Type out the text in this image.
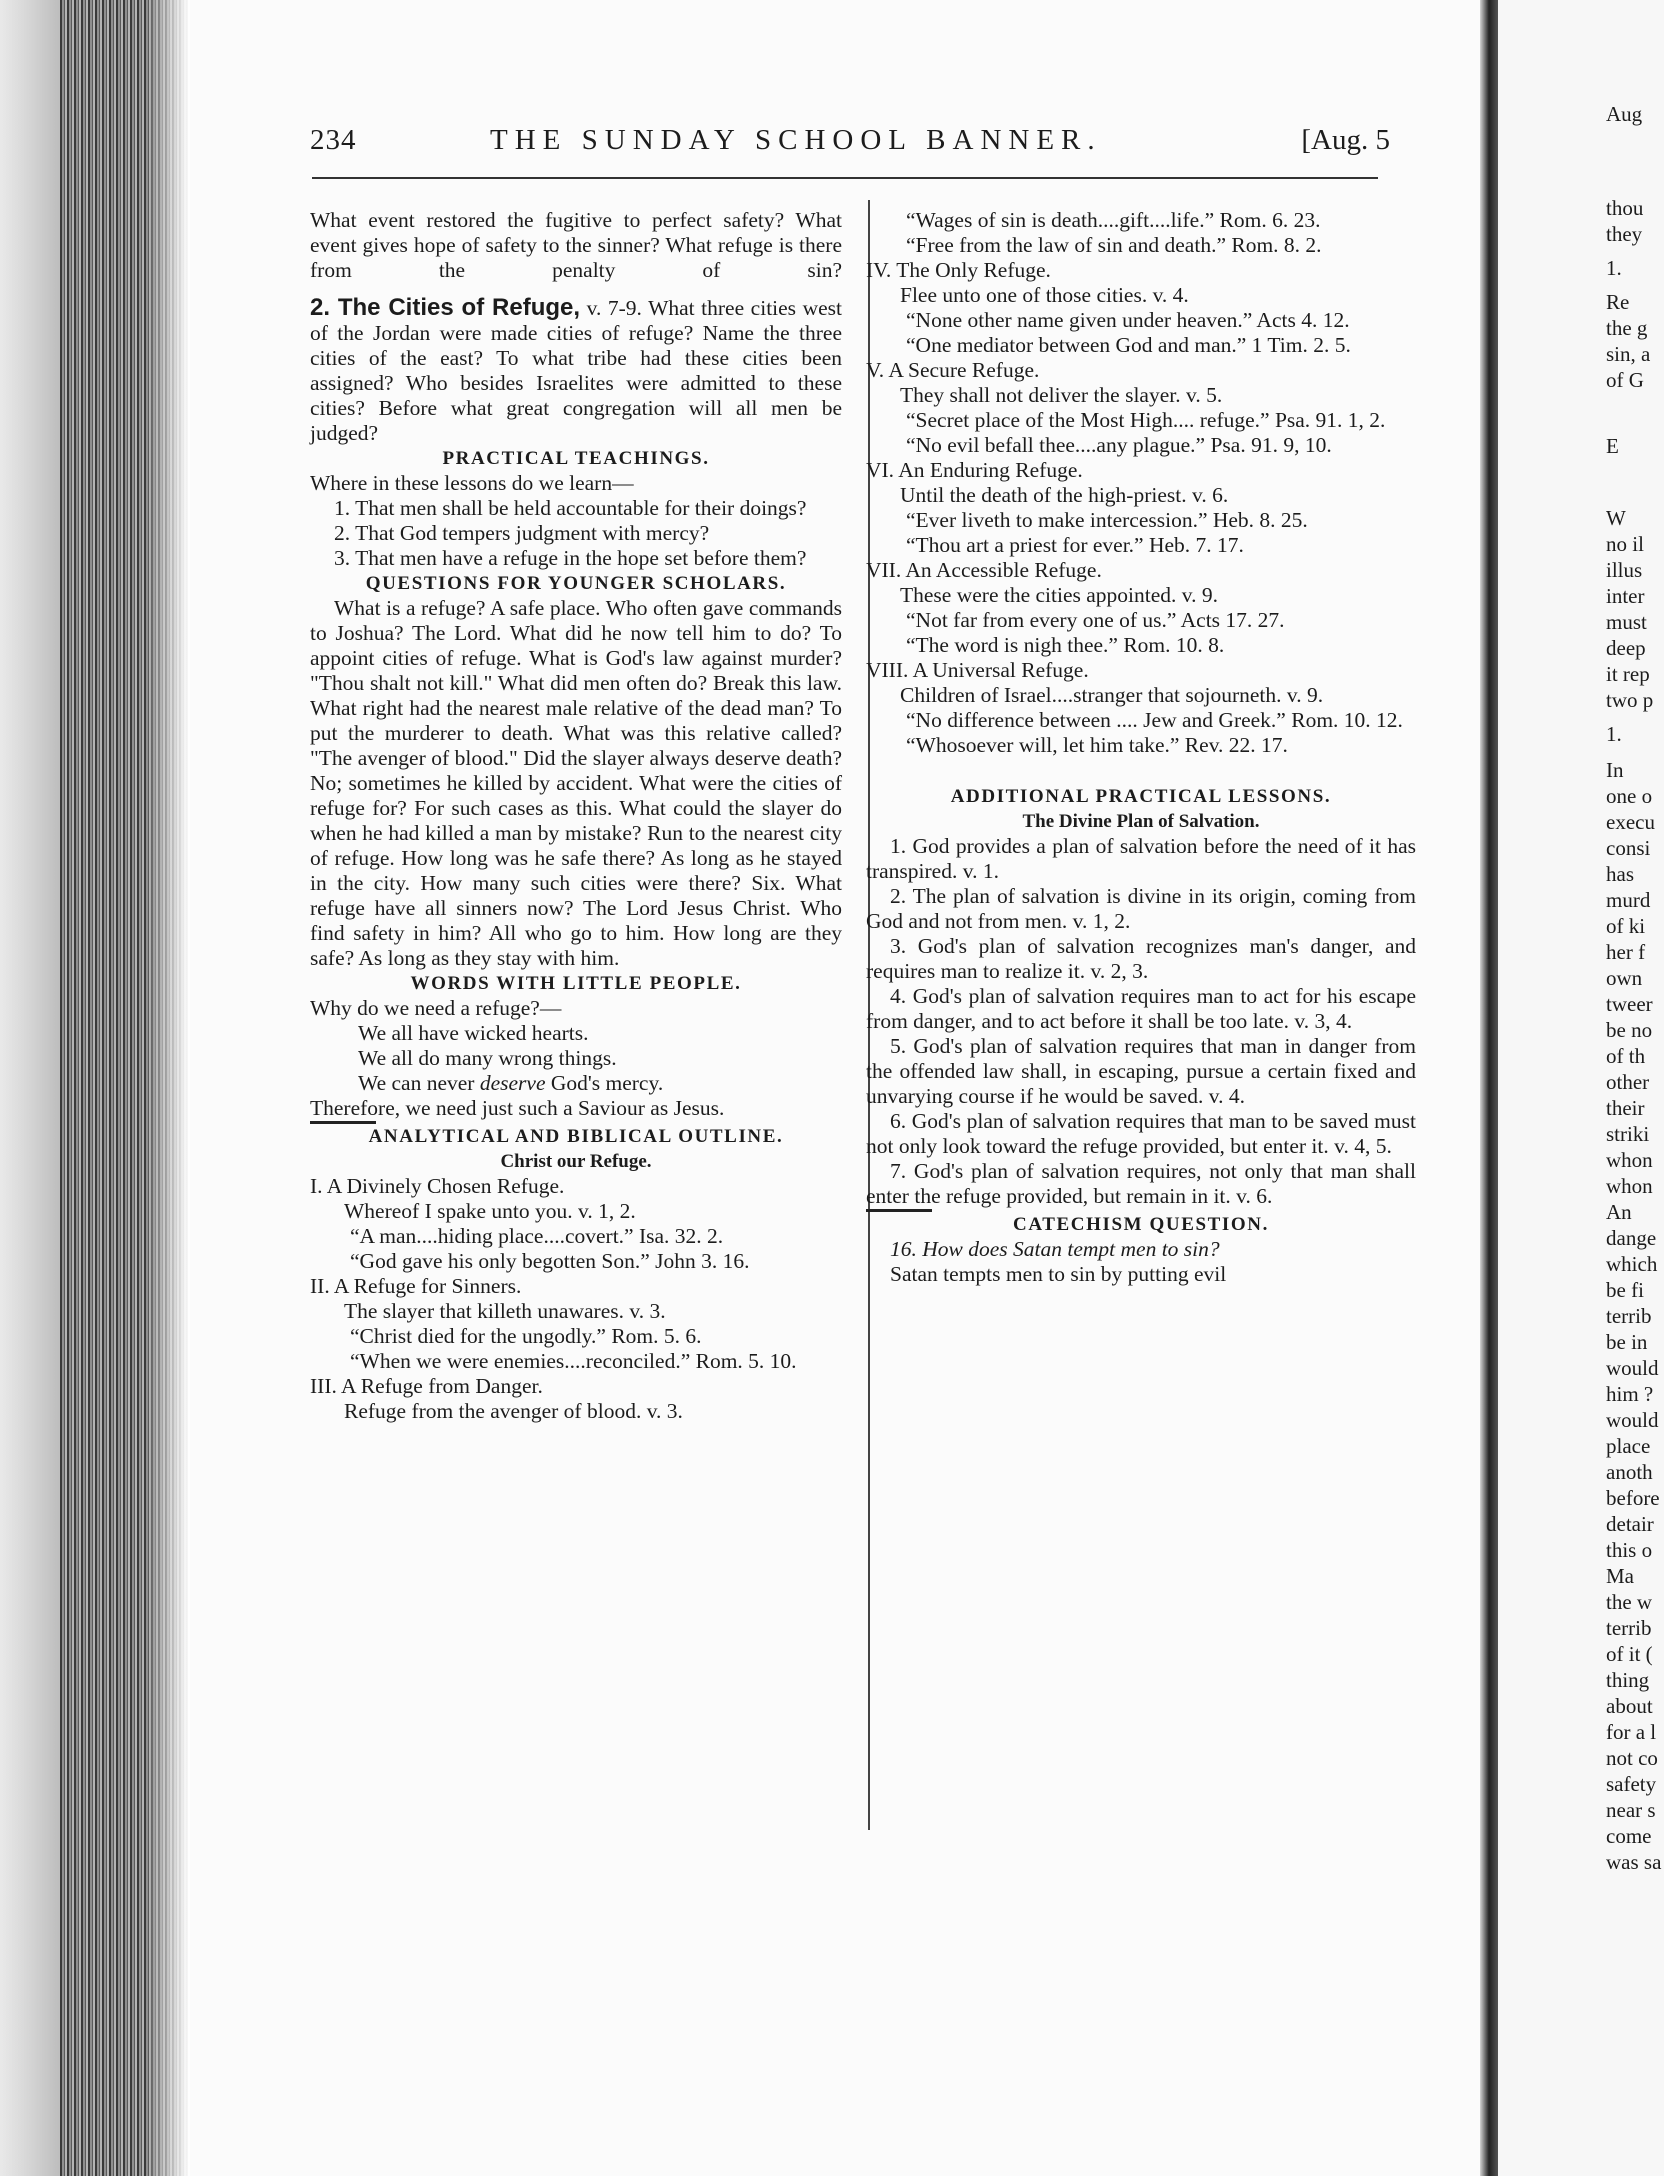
234	THE SUNDAY SCHOOL BANNER.	[Aug. 5

What event restored the fugitive to perfect safety? What event gives hope of safety to the sinner? What refuge is there from the penalty of sin?

2. The Cities of Refuge, v. 7-9. What three cities west of the Jordan were made cities of refuge? Name the three cities of the east? To what tribe had these cities been assigned? Who besides Israelites were admitted to these cities? Before what great congregation will all men be judged?

PRACTICAL TEACHINGS.

Where in these lessons do we learn—

1. That men shall be held accountable for their doings?

2. That God tempers judgment with mercy?

3. That men have a refuge in the hope set before them?

QUESTIONS FOR YOUNGER SCHOLARS.

What is a refuge? A safe place. Who often gave commands to Joshua? The Lord. What did he now tell him to do? To appoint cities of refuge. What is God's law against murder? "Thou shalt not kill." What did men often do? Break this law. What right had the nearest male relative of the dead man? To put the murderer to death. What was this relative called? "The avenger of blood." Did the slayer always deserve death? No; sometimes he killed by accident. What were the cities of refuge for? For such cases as this. What could the slayer do when he had killed a man by mistake? Run to the nearest city of refuge. How long was he safe there? As long as he stayed in the city. How many such cities were there? Six. What refuge have all sinners now? The Lord Jesus Christ. Who find safety in him? All who go to him. How long are they safe? As long as they stay with him.

WORDS WITH LITTLE PEOPLE.

Why do we need a refuge?—

We all have wicked hearts.

We all do many wrong things.

We can never deserve God's mercy.

Therefore, we need just such a Saviour as Jesus.

ANALYTICAL AND BIBLICAL OUTLINE.
Christ our Refuge.
I. A Divinely Chosen Refuge.
Whereof I spake unto you. v. 1, 2.
“A man....hiding place....covert.” Isa. 32. 2.
“God gave his only begotten Son.” John 3. 16.
II. A Refuge for Sinners.
The slayer that killeth unawares. v. 3.
“Christ died for the ungodly.” Rom. 5. 6.
“When we were enemies....reconciled.” Rom. 5. 10.
III. A Refuge from Danger.
Refuge from the avenger of blood. v. 3.
“Wages of sin is death....gift....life.” Rom. 6. 23.
“Free from the law of sin and death.” Rom. 8. 2.
IV. The Only Refuge.
Flee unto one of those cities. v. 4.
“None other name given under heaven.” Acts 4. 12.
“One mediator between God and man.” 1 Tim. 2. 5.
V. A Secure Refuge.
They shall not deliver the slayer. v. 5.
“Secret place of the Most High.... refuge.” Psa. 91. 1, 2.
“No evil befall thee....any plague.” Psa. 91. 9, 10.
VI. An Enduring Refuge.
Until the death of the high-priest. v. 6.
“Ever liveth to make intercession.” Heb. 8. 25.
“Thou art a priest for ever.” Heb. 7. 17.
VII. An Accessible Refuge.
These were the cities appointed. v. 9.
“Not far from every one of us.” Acts 17. 27.
“The word is nigh thee.” Rom. 10. 8.
VIII. A Universal Refuge.
Children of Israel....stranger that sojourneth. v. 9.
“No difference between .... Jew and Greek.” Rom. 10. 12.
“Whosoever will, let him take.” Rev. 22. 17.
ADDITIONAL PRACTICAL LESSONS.
The Divine Plan of Salvation.

1. God provides a plan of salvation before the need of it has transpired. v. 1.

2. The plan of salvation is divine in its origin, coming from God and not from men. v. 1, 2.

3. God's plan of salvation recognizes man's danger, and requires man to realize it. v. 2, 3.

4. God's plan of salvation requires man to act for his escape from danger, and to act before it shall be too late. v. 3, 4.

5. God's plan of salvation requires that man in danger from the offended law shall, in escaping, pursue a certain fixed and unvarying course if he would be saved. v. 4.

6. God's plan of salvation requires that man to be saved must not only look toward the refuge provided, but enter it. v. 4, 5.

7. God's plan of salvation requires, not only that man shall enter the refuge provided, but remain in it. v. 6.

CATECHISM QUESTION.

16. How does Satan tempt men to sin?

Satan tempts men to sin by putting evil

Aug
thou
they
1.
Re
the g
sin, a
of G
E
W
no il
illus
inter
must
deep
it rep
two p
1.
In
one o
execu
consi
has
murd
of ki
her f
own
tweer
be no
of th
other
their
striki
whon
whon
An
dange
which
be fi
terrib
be in
would
him ?
would
place
anoth
before
detair
this o
Ma
the w
terrib
of it (
thing
about
for a l
not co
safety
near s
come
was sa
